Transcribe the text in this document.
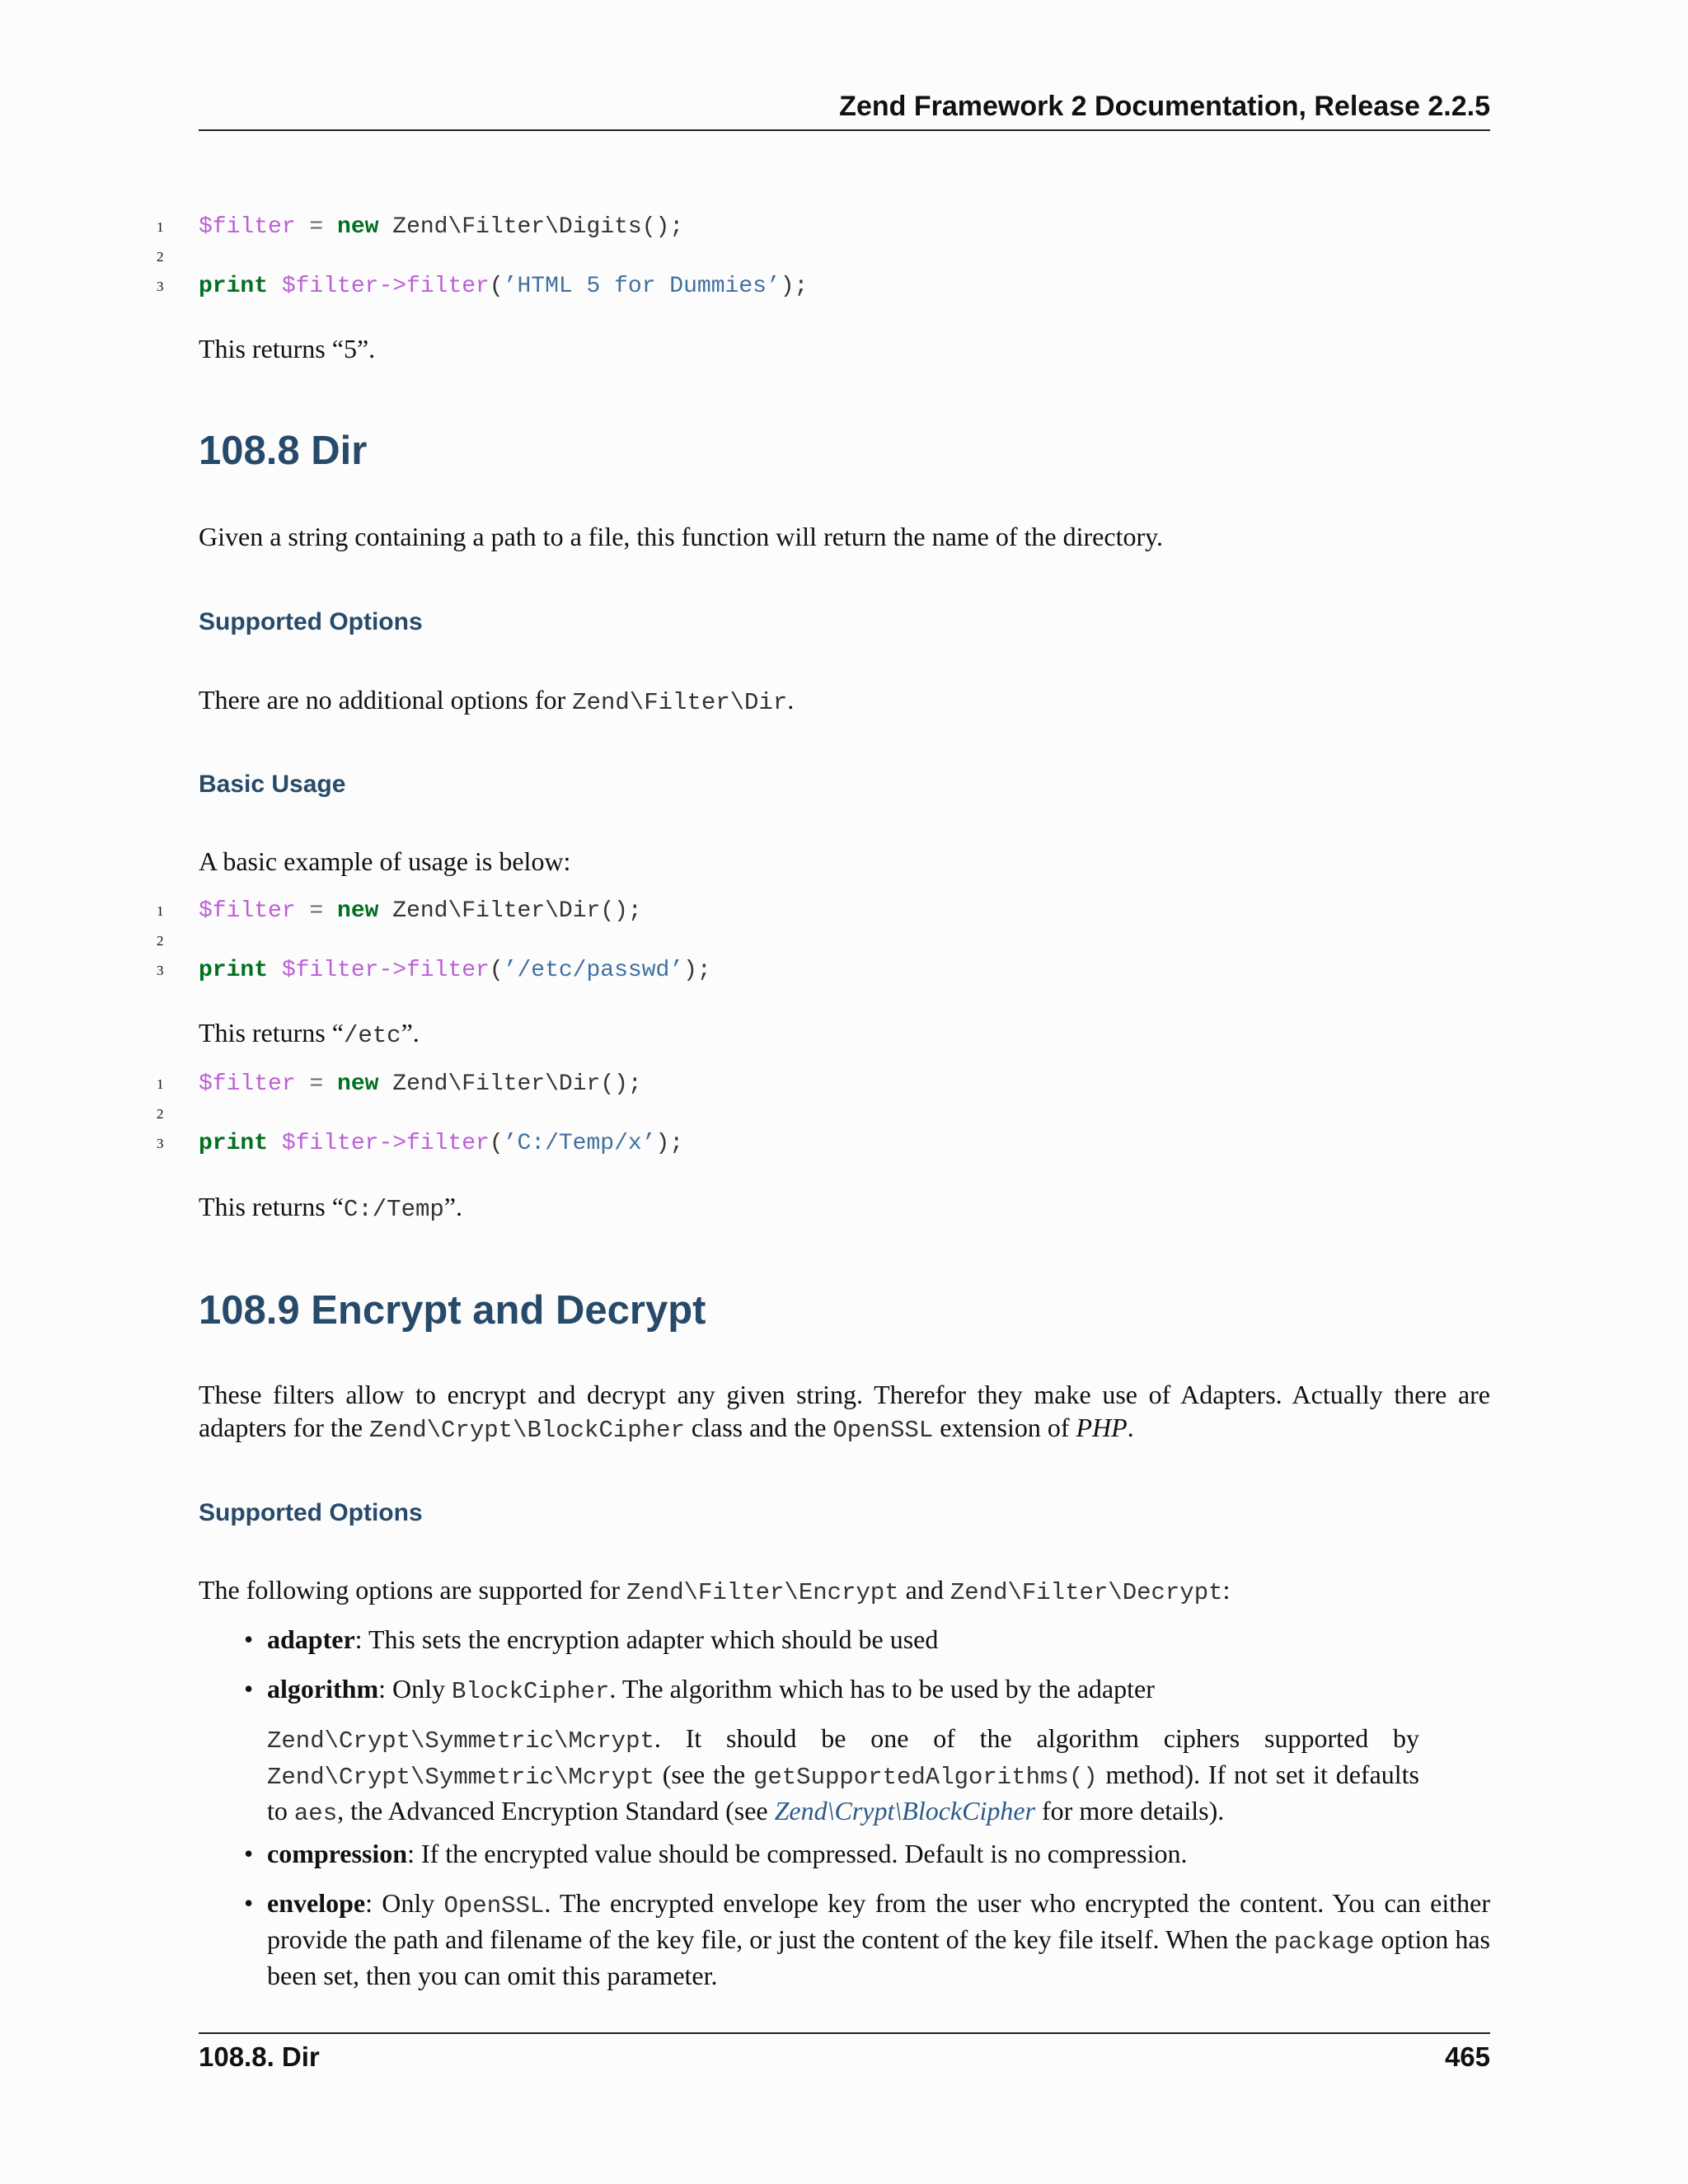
Zend Framework 2 Documentation, Release 2.2.5
1	$filter = new Zend\Filter\Digits();
2
3	print $filter->filter(’HTML 5 for Dummies’);
This returns “5”.
108.8 Dir
Given a string containing a path to a file, this function will return the name of the directory.
Supported Options
There are no additional options for Zend\Filter\Dir.
Basic Usage
A basic example of usage is below:
1	$filter = new Zend\Filter\Dir();
2
3	print $filter->filter(’/etc/passwd’);
This returns “/etc”.
1	$filter = new Zend\Filter\Dir();
2
3	print $filter->filter(’C:/Temp/x’);
This returns “C:/Temp”.
108.9 Encrypt and Decrypt
These filters allow to encrypt and decrypt any given string. Therefor they make use of Adapters. Actually there are adapters for the Zend\Crypt\BlockCipher class and the OpenSSL extension of PHP.
Supported Options
The following options are supported for Zend\Filter\Encrypt and Zend\Filter\Decrypt:
• adapter: This sets the encryption adapter which should be used
• algorithm: Only BlockCipher. The algorithm which has to be used by the adapter
Zend\Crypt\Symmetric\Mcrypt. It should be one of the algorithm ciphers supported by Zend\Crypt\Symmetric\Mcrypt (see the getSupportedAlgorithms() method). If not set it defaults to aes, the Advanced Encryption Standard (see Zend\Crypt\BlockCipher for more details).
• compression: If the encrypted value should be compressed. Default is no compression.
• envelope: Only OpenSSL. The encrypted envelope key from the user who encrypted the content. You can either provide the path and filename of the key file, or just the content of the key file itself. When the package option has been set, then you can omit this parameter.
108.8. Dir	465
